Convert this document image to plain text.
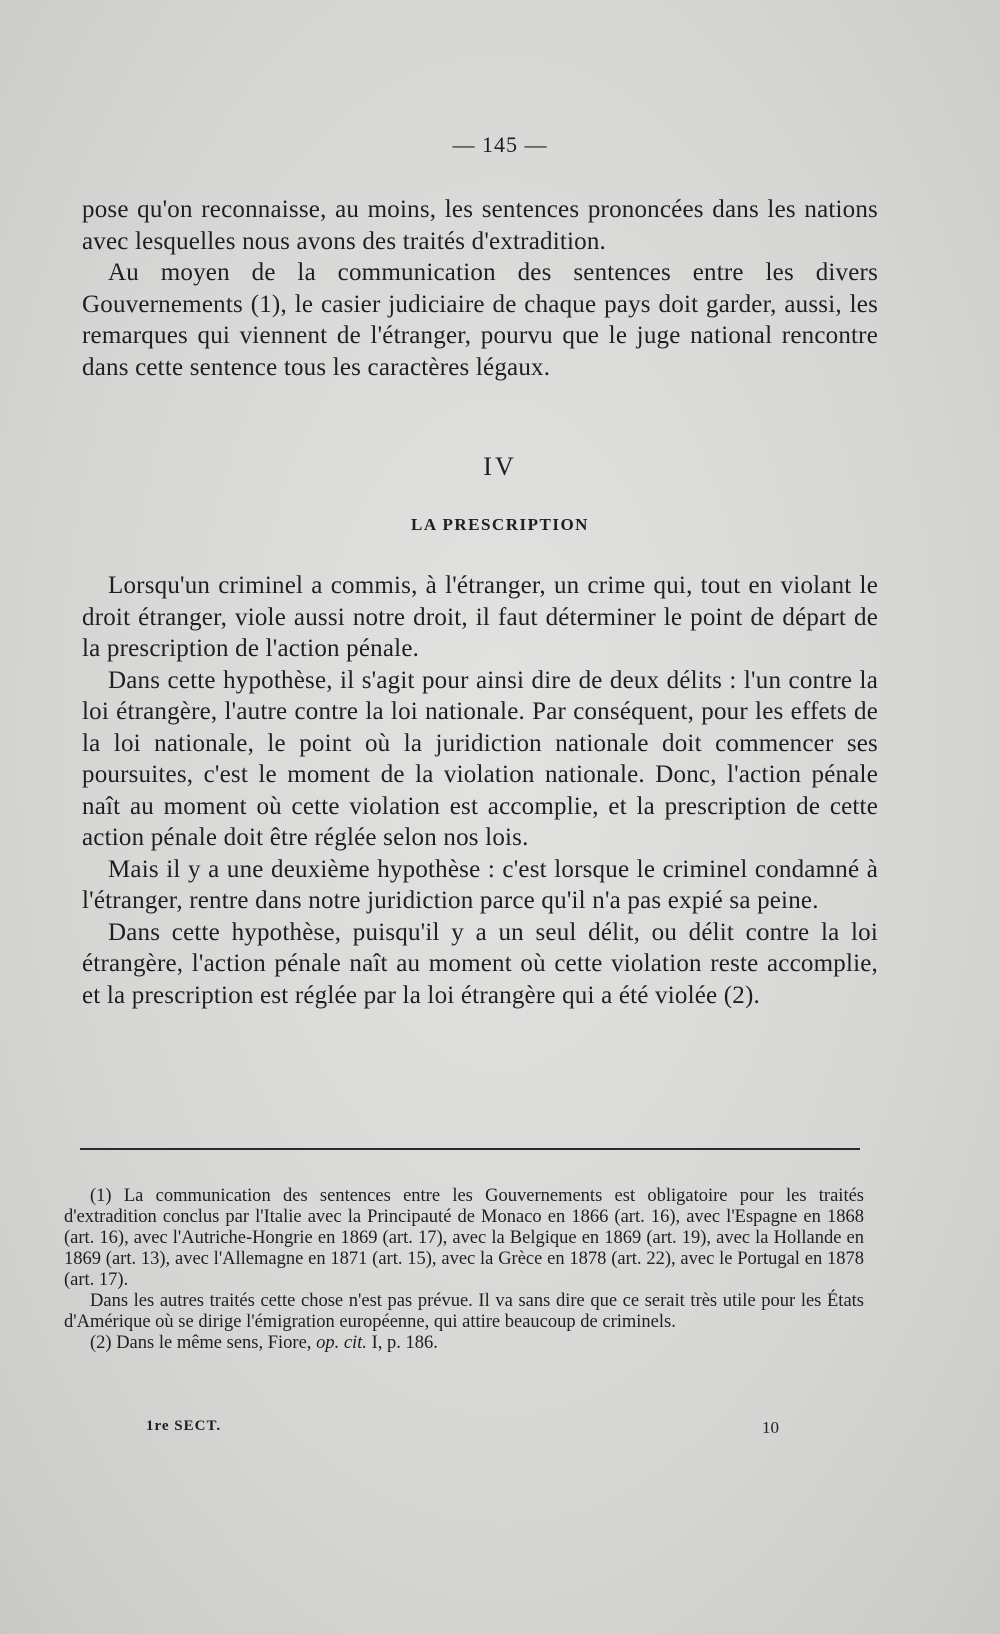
— 145 —

pose qu'on reconnaisse, au moins, les sentences prononcées dans les nations avec lesquelles nous avons des traités d'extradition.

Au moyen de la communication des sentences entre les divers Gouvernements (1), le casier judiciaire de chaque pays doit garder, aussi, les remarques qui viennent de l'étranger, pourvu que le juge national rencontre dans cette sentence tous les caractères légaux.

IV
LA PRESCRIPTION

Lorsqu'un criminel a commis, à l'étranger, un crime qui, tout en violant le droit étranger, viole aussi notre droit, il faut déterminer le point de départ de la prescription de l'action pénale.

Dans cette hypothèse, il s'agit pour ainsi dire de deux délits : l'un contre la loi étrangère, l'autre contre la loi nationale. Par conséquent, pour les effets de la loi nationale, le point où la juridiction nationale doit commencer ses poursuites, c'est le moment de la violation nationale. Donc, l'action pénale naît au moment où cette violation est accomplie, et la prescription de cette action pénale doit être réglée selon nos lois.

Mais il y a une deuxième hypothèse : c'est lorsque le criminel condamné à l'étranger, rentre dans notre juridiction parce qu'il n'a pas expié sa peine.

Dans cette hypothèse, puisqu'il y a un seul délit, ou délit contre la loi étrangère, l'action pénale naît au moment où cette violation reste accomplie, et la prescription est réglée par la loi étrangère qui a été violée (2).

(1) La communication des sentences entre les Gouvernements est obligatoire pour les traités d'extradition conclus par l'Italie avec la Principauté de Monaco en 1866 (art. 16), avec l'Espagne en 1868 (art. 16), avec l'Autriche-Hongrie en 1869 (art. 17), avec la Belgique en 1869 (art. 19), avec la Hollande en 1869 (art. 13), avec l'Allemagne en 1871 (art. 15), avec la Grèce en 1878 (art. 22), avec le Portugal en 1878 (art. 17).

Dans les autres traités cette chose n'est pas prévue. Il va sans dire que ce serait très utile pour les États d'Amérique où se dirige l'émigration européenne, qui attire beaucoup de criminels.

(2) Dans le même sens, Fiore, op. cit. I, p. 186.

1re SECT.	10
